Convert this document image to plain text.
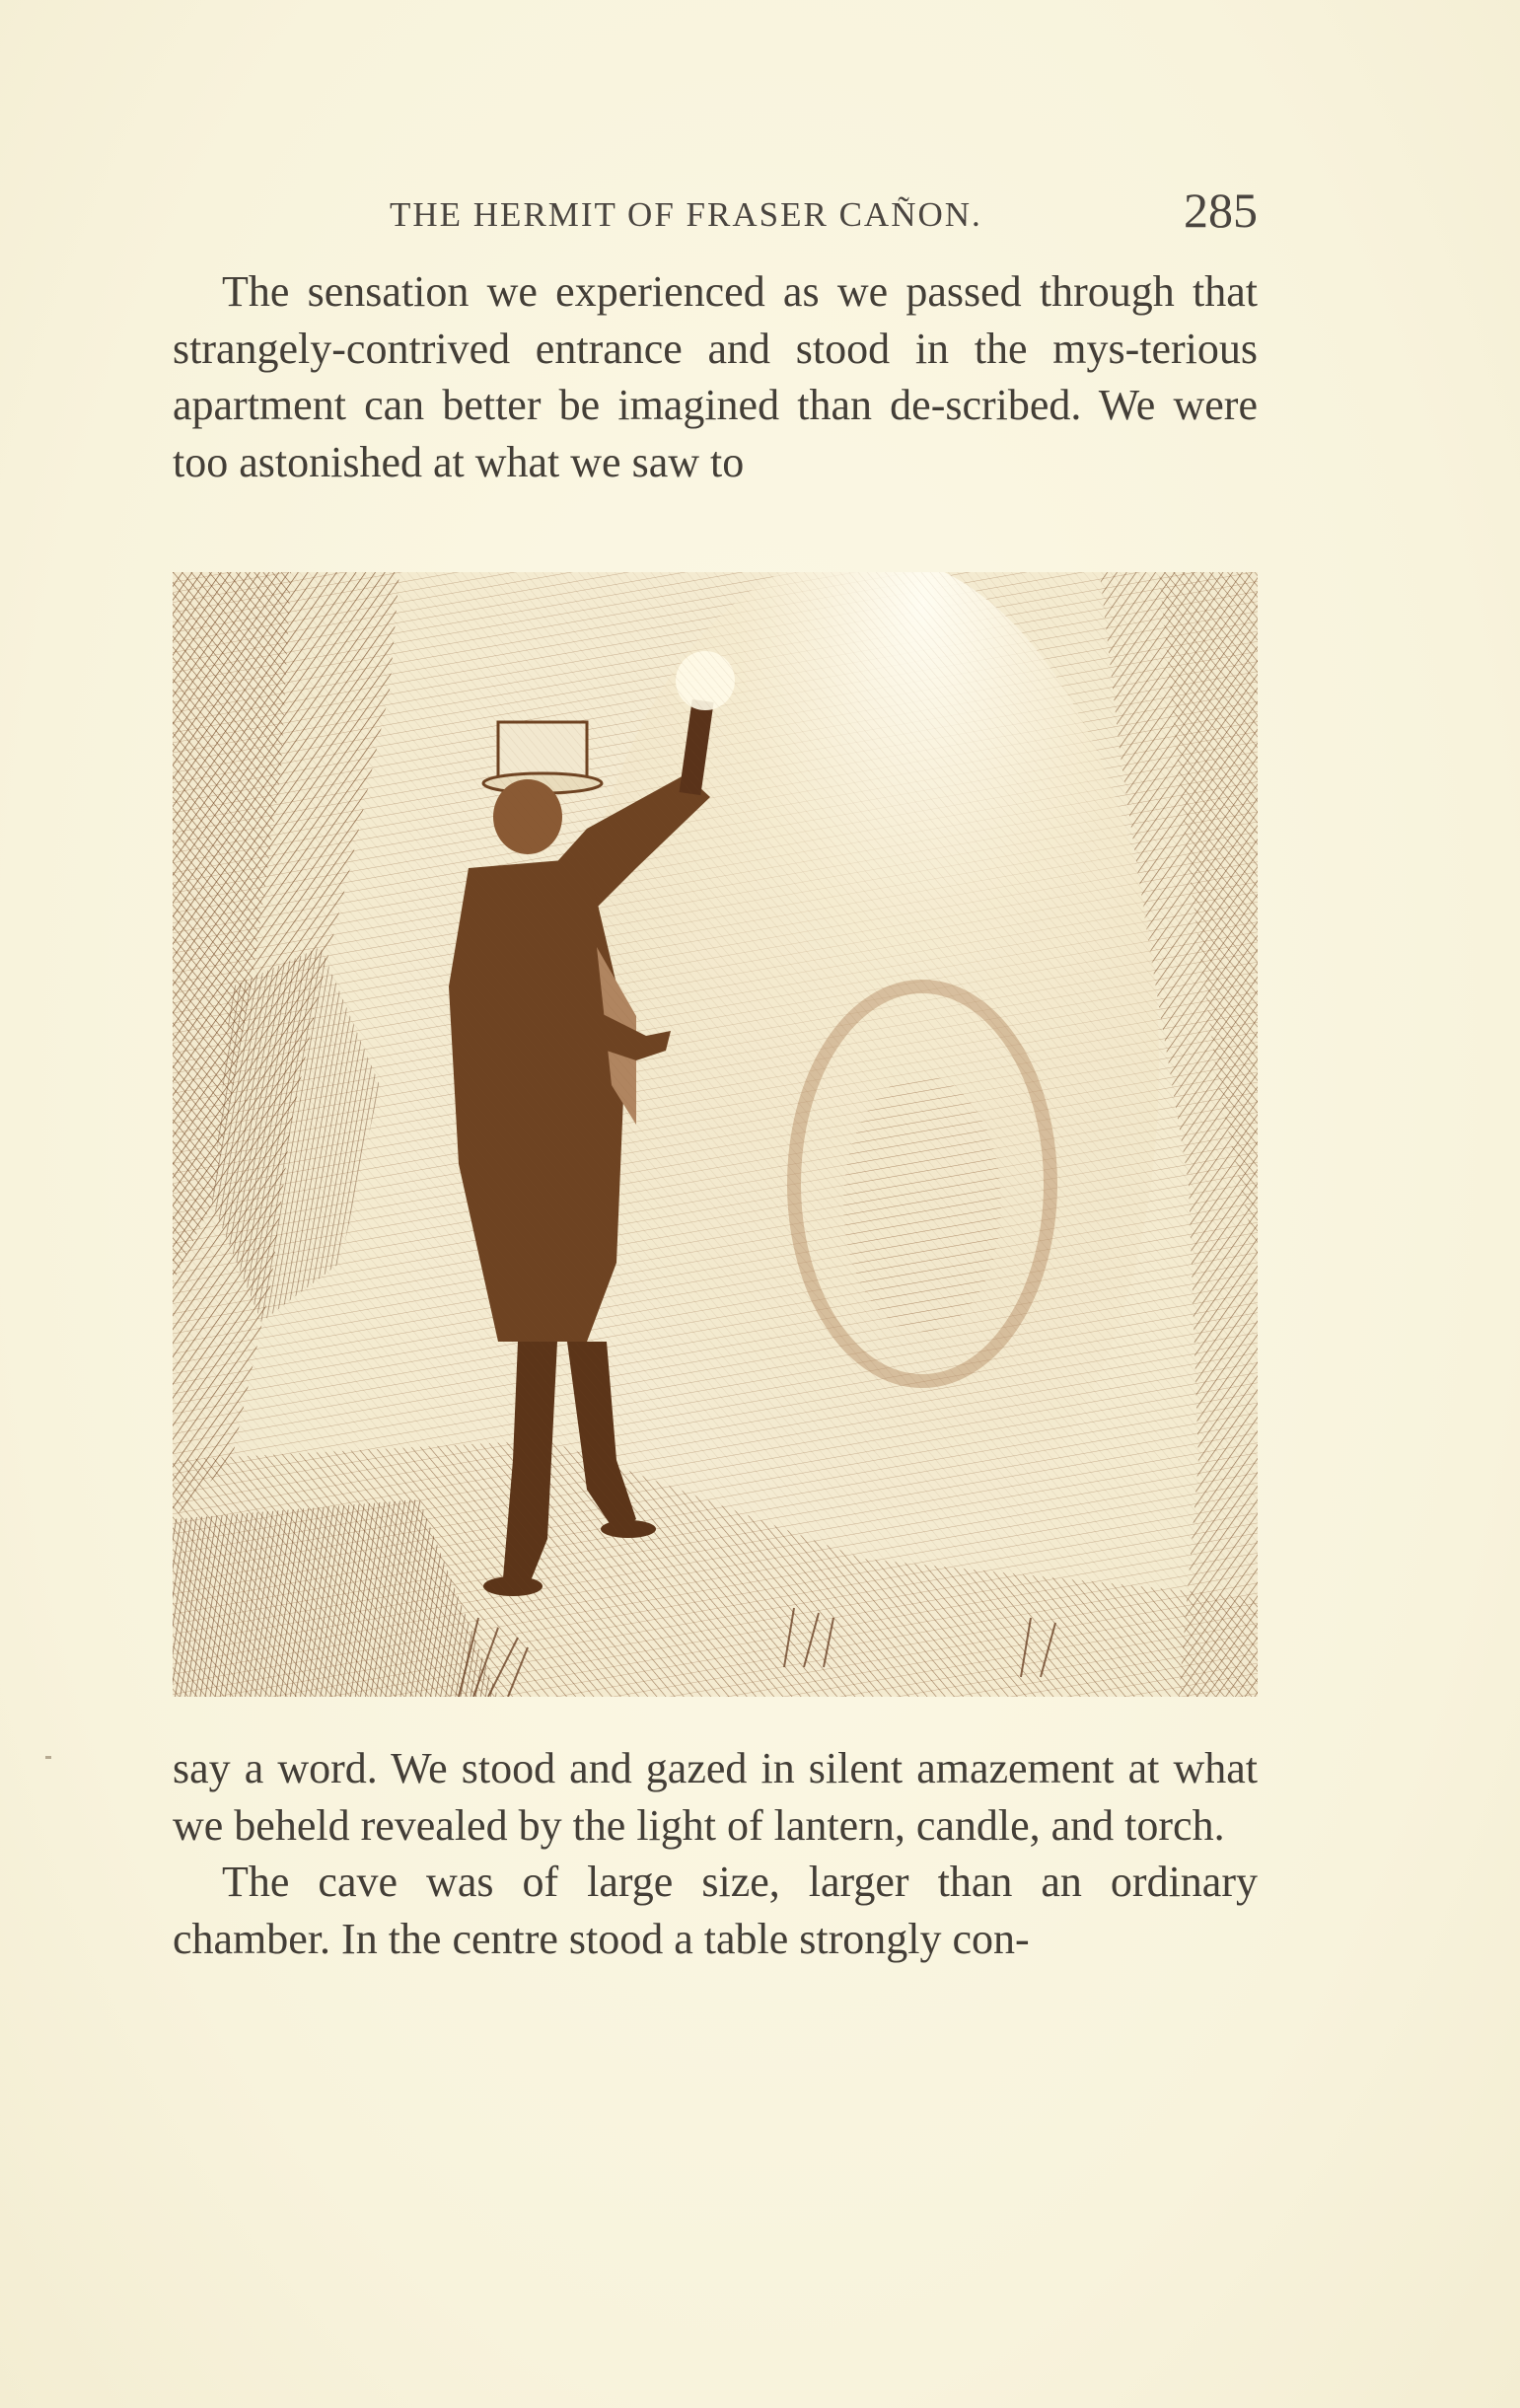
THE HERMIT OF FRASER CAÑON.	285

The sensation we experienced as we passed through that strangely-contrived entrance and stood in the mys-terious apartment can better be imagined than de-scribed. We were too astonished at what we saw to

say a word. We stood and gazed in silent amazement at what we beheld revealed by the light of lantern, candle, and torch.

The cave was of large size, larger than an ordinary chamber. In the centre stood a table strongly con-
